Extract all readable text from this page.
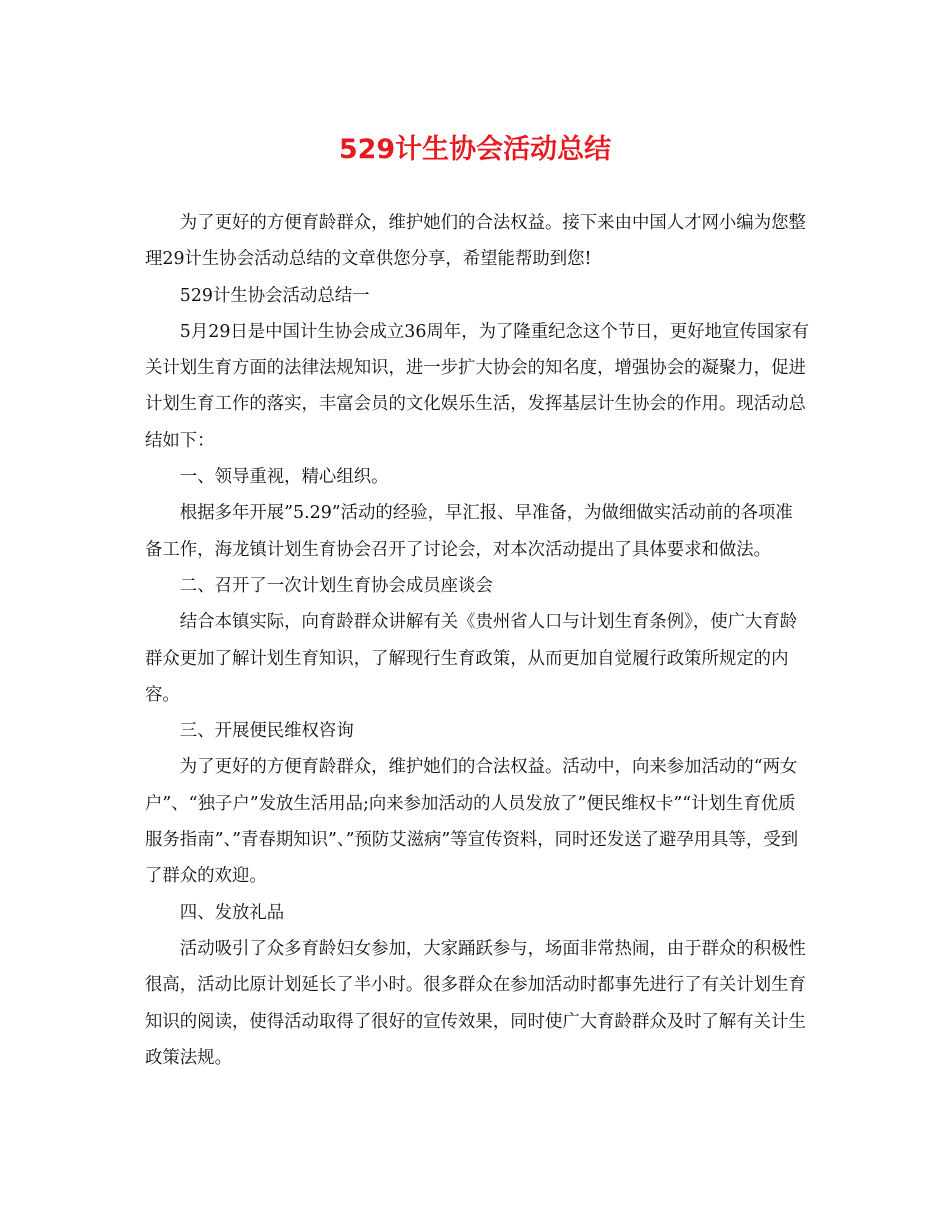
529计生协会活动总结

为了更好的方便育龄群众，维护她们的合法权益。接下来由中国人才网小编为您整理29计生协会活动总结的文章供您分享，希望能帮助到您!

529计生协会活动总结一

5月29日是中国计生协会成立36周年，为了隆重纪念这个节日，更好地宣传国家有关计划生育方面的法律法规知识，进一步扩大协会的知名度，增强协会的凝聚力，促进计划生育工作的落实，丰富会员的文化娱乐生活，发挥基层计生协会的作用。现活动总结如下：

一、领导重视，精心组织。

根据多年开展”5.29”活动的经验，早汇报、早准备，为做细做实活动前的各项准备工作，海龙镇计划生育协会召开了讨论会，对本次活动提出了具体要求和做法。

二、召开了一次计划生育协会成员座谈会

结合本镇实际，向育龄群众讲解有关《贵州省人口与计划生育条例》，使广大育龄群众更加了解计划生育知识，了解现行生育政策，从而更加自觉履行政策所规定的内容。

三、开展便民维权咨询

为了更好的方便育龄群众，维护她们的合法权益。活动中，向来参加活动的“两女户”、“独子户”发放生活用品;向来参加活动的人员发放了”便民维权卡”“计划生育优质服务指南”、”青春期知识”、”预防艾滋病”等宣传资料，同时还发送了避孕用具等，受到了群众的欢迎。

四、发放礼品

活动吸引了众多育龄妇女参加，大家踊跃参与，场面非常热闹，由于群众的积极性很高，活动比原计划延长了半小时。很多群众在参加活动时都事先进行了有关计划生育知识的阅读，使得活动取得了很好的宣传效果，同时使广大育龄群众及时了解有关计生政策法规。
